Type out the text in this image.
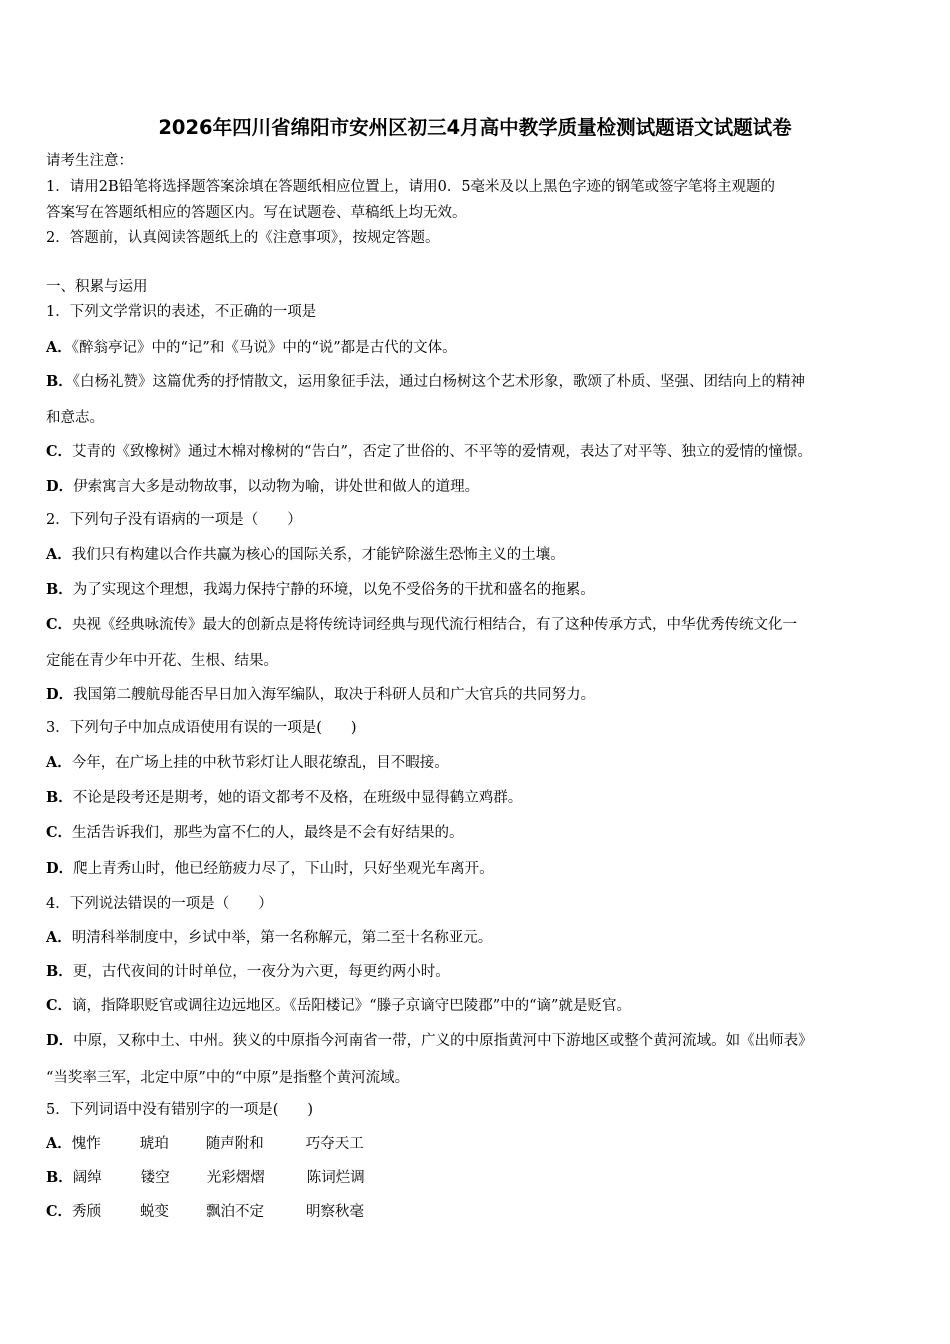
2026年四川省绵阳市安州区初三4月高中教学质量检测试题语文试题试卷
请考生注意：
1．请用2B铅笔将选择题答案涂填在答题纸相应位置上，请用0．5毫米及以上黑色字迹的钢笔或签字笔将主观题的
答案写在答题纸相应的答题区内。写在试题卷、草稿纸上均无效。
2．答题前，认真阅读答题纸上的《注意事项》，按规定答题。
一、积累与运用
1．下列文学常识的表述，不正确的一项是
A．《醉翁亭记》中的“记”和《马说》中的“说”都是古代的文体。
B．《白杨礼赞》这篇优秀的抒情散文，运用象征手法，通过白杨树这个艺术形象，歌颂了朴质、坚强、团结向上的精神
和意志。
C．艾青的《致橡树》通过木棉对橡树的“告白”，否定了世俗的、不平等的爱情观，表达了对平等、独立的爱情的憧憬。
D．伊索寓言大多是动物故事，以动物为喻，讲处世和做人的道理。
2．下列句子没有语病的一项是（　　）
A．我们只有构建以合作共赢为核心的国际关系，才能铲除滋生恐怖主义的土壤。
B．为了实现这个理想，我竭力保持宁静的环境，以免不受俗务的干扰和盛名的拖累。
C．央视《经典咏流传》最大的创新点是将传统诗词经典与现代流行相结合，有了这种传承方式，中华优秀传统文化一
定能在青少年中开花、生根、结果。
D．我国第二艘航母能否早日加入海军编队，取决于科研人员和广大官兵的共同努力。
3．下列句子中加点成语使用有误的一项是(　　)
A．今年，在广场上挂的中秋节彩灯让人眼花缭乱，目不暇接。
B．不论是段考还是期考，她的语文都考不及格，在班级中显得鹤立鸡群。
C．生活告诉我们，那些为富不仁的人，最终是不会有好结果的。
D．爬上青秀山时，他已经筋疲力尽了，下山时，只好坐观光车离开。
4．下列说法错误的一项是（　　）
A．明清科举制度中，乡试中举，第一名称解元，第二至十名称亚元。
B．更，古代夜间的计时单位，一夜分为六更，每更约两小时。
C．谪，指降职贬官或调往边远地区。《岳阳楼记》“滕子京谪守巴陵郡”中的“谪”就是贬官。
D．中原，又称中土、中州。狭义的中原指今河南省一带，广义的中原指黄河中下游地区或整个黄河流域。如《出师表》
“当奖率三军，北定中原”中的“中原”是指整个黄河流域。
5．下列词语中没有错别字的一项是(　　)
A．愧怍	琥珀	随声附和	巧夺天工
B．阔绰	镂空	光彩熠熠	陈词烂调
C．秀颀	蜕变	飘泊不定	明察秋毫
